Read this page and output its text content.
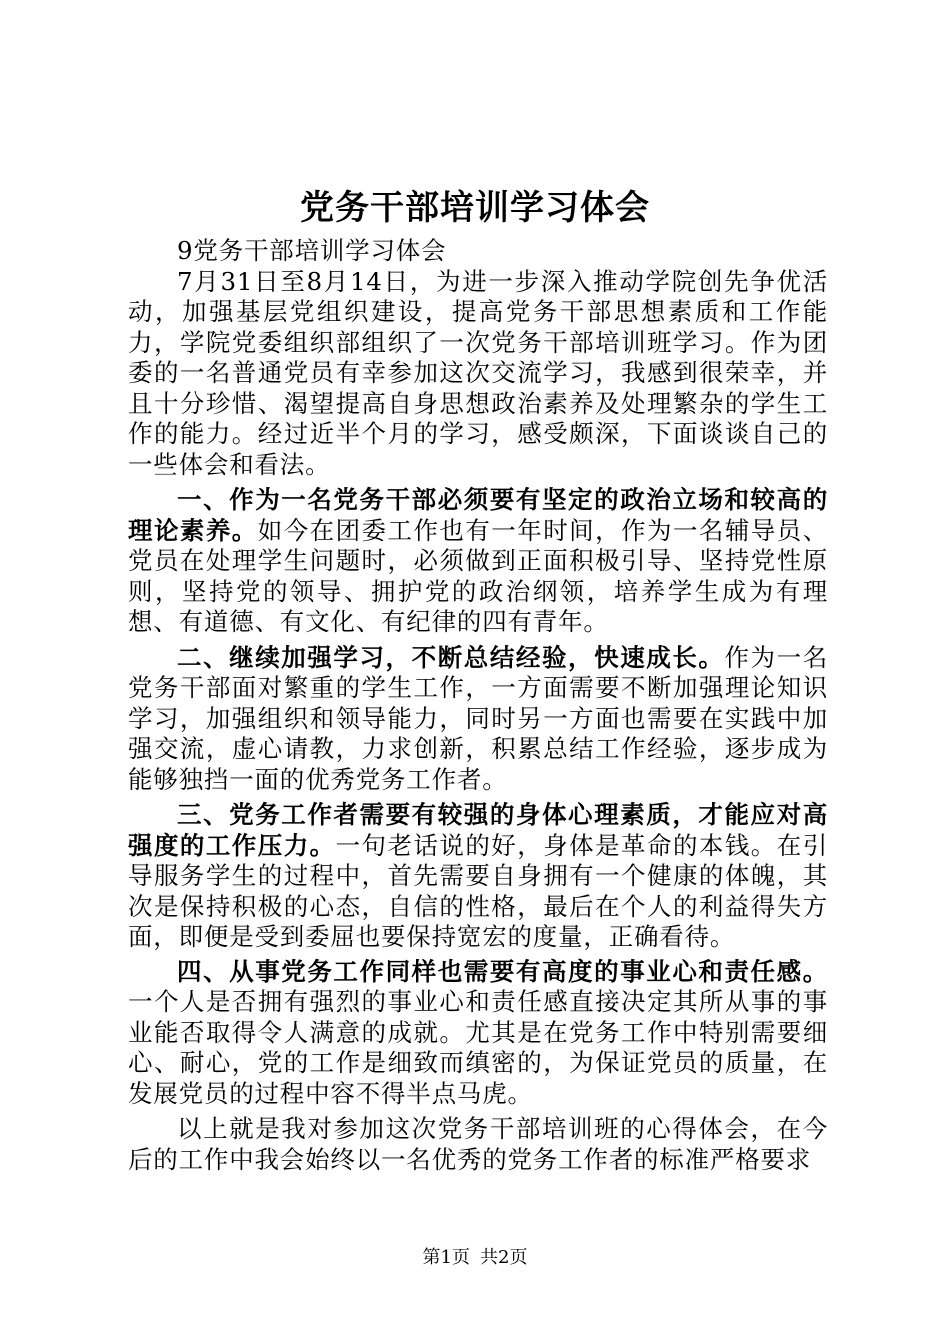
党务干部培训学习体会

9党务干部培训学习体会

7月31日至8月14日，为进一步深入推动学院创先争优活动，加强基层党组织建设，提高党务干部思想素质和工作能力，学院党委组织部组织了一次党务干部培训班学习。作为团委的一名普通党员有幸参加这次交流学习，我感到很荣幸，并且十分珍惜、渴望提高自身思想政治素养及处理繁杂的学生工作的能力。经过近半个月的学习，感受颇深，下面谈谈自己的一些体会和看法。

一、作为一名党务干部必须要有坚定的政治立场和较高的理论素养。如今在团委工作也有一年时间，作为一名辅导员、党员在处理学生问题时，必须做到正面积极引导、坚持党性原则，坚持党的领导、拥护党的政治纲领，培养学生成为有理想、有道德、有文化、有纪律的四有青年。

二、继续加强学习，不断总结经验，快速成长。作为一名党务干部面对繁重的学生工作，一方面需要不断加强理论知识学习，加强组织和领导能力，同时另一方面也需要在实践中加强交流，虚心请教，力求创新，积累总结工作经验，逐步成为能够独挡一面的优秀党务工作者。

三、党务工作者需要有较强的身体心理素质，才能应对高强度的工作压力。一句老话说的好，身体是革命的本钱。在引导服务学生的过程中，首先需要自身拥有一个健康的体魄，其次是保持积极的心态，自信的性格，最后在个人的利益得失方面，即便是受到委屈也要保持宽宏的度量，正确看待。

四、从事党务工作同样也需要有高度的事业心和责任感。一个人是否拥有强烈的事业心和责任感直接决定其所从事的事业能否取得令人满意的成就。尤其是在党务工作中特别需要细心、耐心，党的工作是细致而缜密的，为保证党员的质量，在发展党员的过程中容不得半点马虎。

以上就是我对参加这次党务干部培训班的心得体会，在今后的工作中我会始终以一名优秀的党务工作者的标准严格要求

第1页 共2页
